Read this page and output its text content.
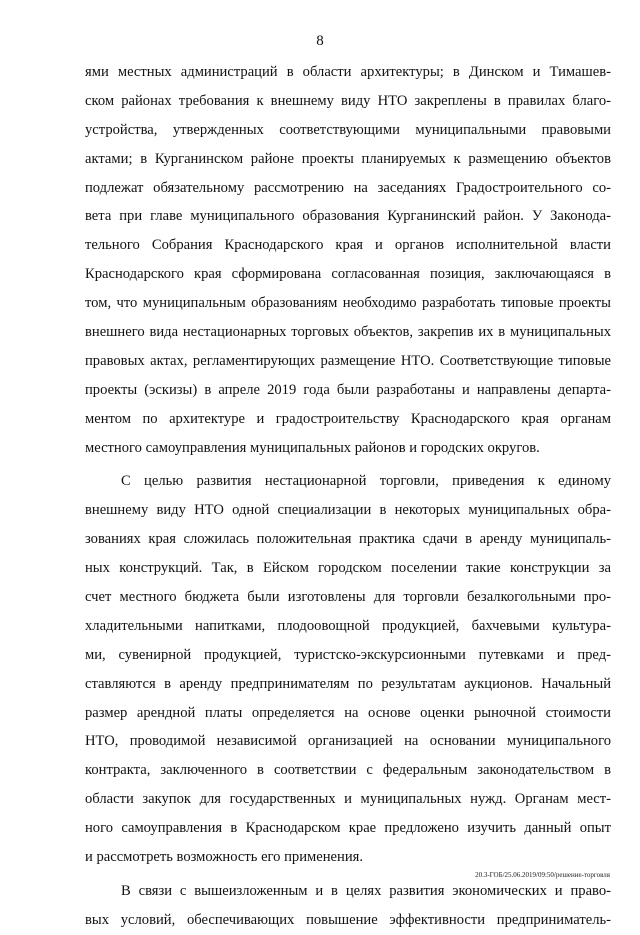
8
ями местных администраций в области архитектуры; в Динском и Тимашев-
ском районах требования к внешнему виду НТО закреплены в правилах благо-
устройства, утвержденных соответствующими муниципальными правовыми
актами; в Курганинском районе проекты планируемых к размещению объектов
подлежат обязательному рассмотрению на заседаниях Градостроительного со-
вета при главе муниципального образования Курганинский район. У Законода-
тельного Собрания Краснодарского края и органов исполнительной власти
Краснодарского края сформирована согласованная позиция, заключающаяся в
том, что муниципальным образованиям необходимо разработать типовые проекты
внешнего вида нестационарных торговых объектов, закрепив их в муниципальных
правовых актах, регламентирующих размещение НТО. Соответствующие типовые
проекты (эскизы) в апреле 2019 года были разработаны и направлены департа-
ментом по архитектуре и градостроительству Краснодарского края органам
местного самоуправления муниципальных районов и городских округов.
С целью развития нестационарной торговли, приведения к единому
внешнему виду НТО одной специализации в некоторых муниципальных обра-
зованиях края сложилась положительная практика сдачи в аренду муниципаль-
ных конструкций. Так, в Ейском городском поселении такие конструкции за
счет местного бюджета были изготовлены для торговли безалкогольными про-
хладительными напитками, плодоовощной продукцией, бахчевыми культура-
ми, сувенирной продукцией, туристско-экскурсионными путевками и пред-
ставляются в аренду предпринимателям по результатам аукционов. Начальный
размер арендной платы определяется на основе оценки рыночной стоимости
НТО, проводимой независимой организацией на основании муниципального
контракта, заключенного в соответствии с федеральным законодательством в
области закупок для государственных и муниципальных нужд. Органам мест-
ного самоуправления в Краснодарском крае предложено изучить данный опыт
и рассмотреть возможность его применения.
В связи с вышеизложенным и в целях развития экономических и право-
вых условий, обеспечивающих повышение эффективности предприниматель-
20.3-ГОБ/25.06.2019/09:50/решение-торговля
